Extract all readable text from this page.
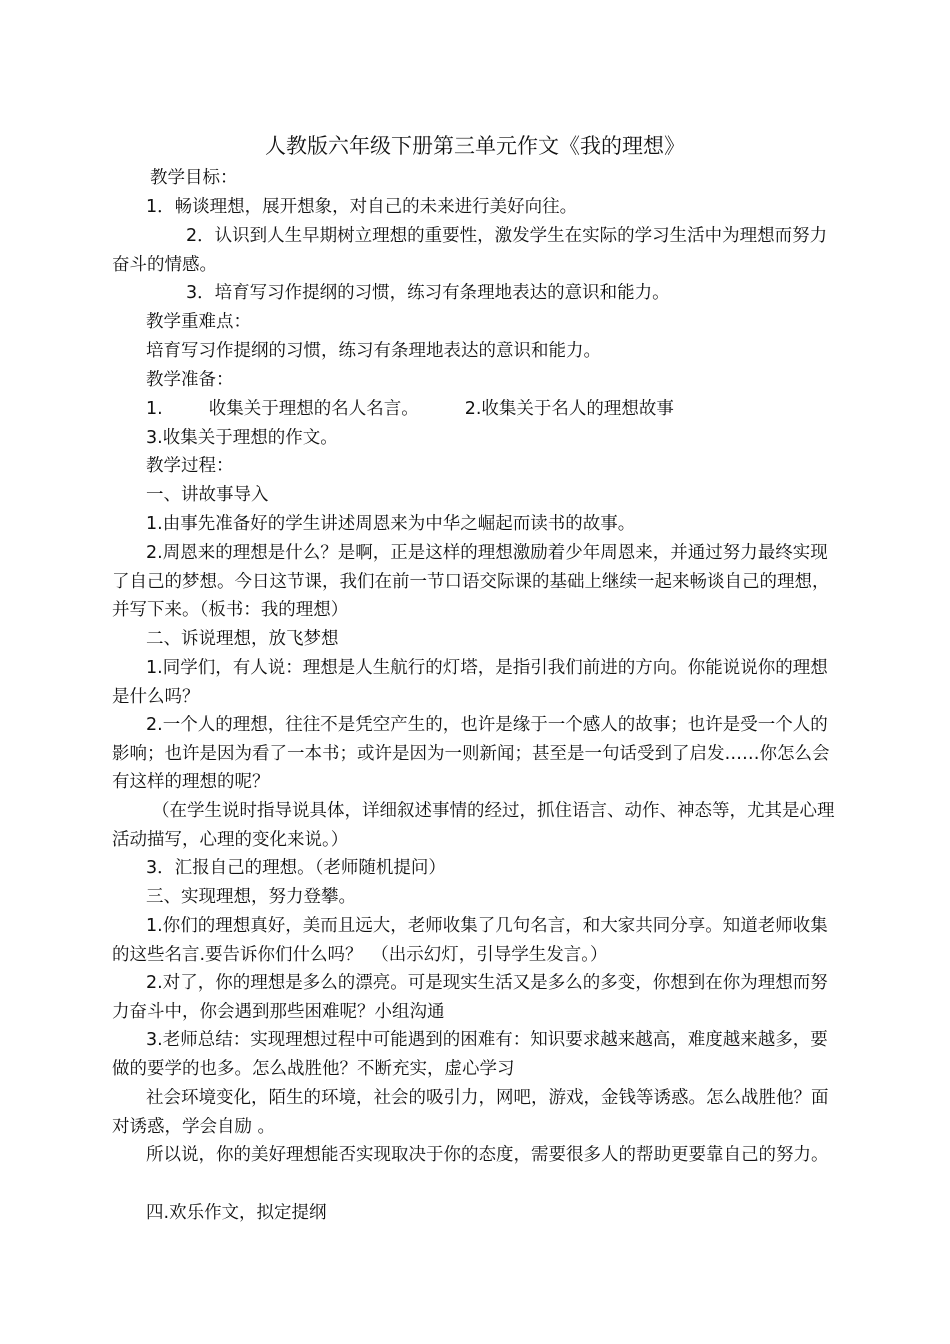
人教版六年级下册第三单元作文《我的理想》
教学目标：
1．畅谈理想，展开想象，对自己的未来进行美好向往。
2．认识到人生早期树立理想的重要性，激发学生在实际的学习生活中为理想而努力奋斗的情感。
3．培育写习作提纲的习惯，练习有条理地表达的意识和能力。
教学重难点：
培育写习作提纲的习惯，练习有条理地表达的意识和能力。
教学准备：
1.	收集关于理想的名人名言。	2.收集关于名人的理想故事
3.收集关于理想的作文。
教学过程：
一、讲故事导入
1.由事先准备好的学生讲述周恩来为中华之崛起而读书的故事。
2.周恩来的理想是什么？是啊，正是这样的理想激励着少年周恩来，并通过努力最终实现了自己的梦想。今日这节课，我们在前一节口语交际课的基础上继续一起来畅谈自己的理想，并写下来。（板书：我的理想）
二、诉说理想，放飞梦想
1.同学们，有人说：理想是人生航行的灯塔，是指引我们前进的方向。你能说说你的理想是什么吗？
2.一个人的理想，往往不是凭空产生的，也许是缘于一个感人的故事；也许是受一个人的影响；也许是因为看了一本书；或许是因为一则新闻；甚至是一句话受到了启发……你怎么会有这样的理想的呢？
（在学生说时指导说具体，详细叙述事情的经过，抓住语言、动作、神态等，尤其是心理活动描写，心理的变化来说。）
3．汇报自己的理想。（老师随机提问）
三、实现理想，努力登攀。
1.你们的理想真好，美而且远大，老师收集了几句名言，和大家共同分享。知道老师收集的这些名言.要告诉你们什么吗？　（出示幻灯，引导学生发言。）
2.对了，你的理想是多么的漂亮。可是现实生活又是多么的多变，你想到在你为理想而努力奋斗中，你会遇到那些困难呢？小组沟通
3.老师总结：实现理想过程中可能遇到的困难有：知识要求越来越高，难度越来越多，要做的要学的也多。怎么战胜他？不断充实，虚心学习
社会环境变化，陌生的环境，社会的吸引力，网吧，游戏，金钱等诱惑。怎么战胜他？面对诱惑，学会自励 。
所以说，你的美好理想能否实现取决于你的态度，需要很多人的帮助更要靠自己的努力。
四.欢乐作文，拟定提纲
